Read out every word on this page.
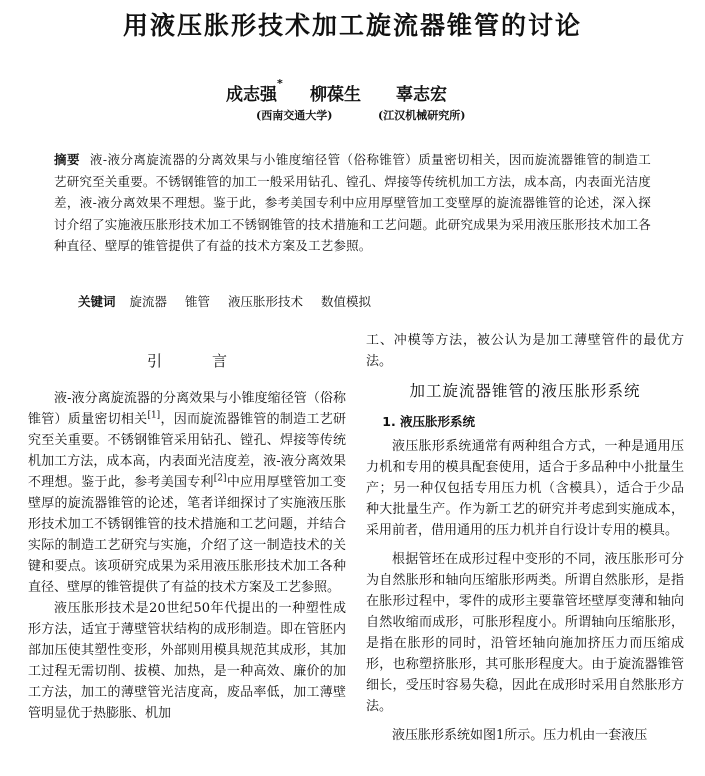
用液压胀形技术加工旋流器锥管的讨论
成志强*
柳葆生 辜志宏
(西南交通大学)	(江汉机械研究所)

摘要 液-液分离旋流器的分离效果与小锥度缩径管（俗称锥管）质量密切相关，因而旋流器锥管的制造工艺研究至关重要。不锈钢锥管的加工一般采用钻孔、镗孔、焊接等传统机加工方法，成本高，内表面光洁度差，液-液分离效果不理想。鉴于此，参考美国专利中应用厚壁管加工变壁厚的旋流器锥管的论述，深入探讨介绍了实施液压胀形技术加工不锈钢锥管的技术措施和工艺问题。此研究成果为采用液压胀形技术加工各种直径、壁厚的锥管提供了有益的技术方案及工艺参照。

关键词 旋流器 锥管 液压胀形技术 数值模拟
引言

液-液分离旋流器的分离效果与小锥度缩径管（俗称锥管）质量密切相关[1]，因而旋流器锥管的制造工艺研究至关重要。不锈钢锥管采用钻孔、镗孔、焊接等传统机加工方法，成本高，内表面光洁度差，液-液分离效果不理想。鉴于此，参考美国专利[2]中应用厚壁管加工变壁厚的旋流器锥管的论述，笔者详细探讨了实施液压胀形技术加工不锈钢锥管的技术措施和工艺问题，并结合实际的制造工艺研究与实施，介绍了这一制造技术的关键和要点。该项研究成果为采用液压胀形技术加工各种直径、壁厚的锥管提供了有益的技术方案及工艺参照。

液压胀形技术是20世纪50年代提出的一种塑性成形方法，适宜于薄壁管状结构的成形制造。即在管胚内部加压使其塑性变形，外部则用模具规范其成形，其加工过程无需切削、拔模、加热，是一种高效、廉价的加工方法，加工的薄壁管光洁度高，废品率低，加工薄壁管明显优于热膨胀、机加

工、冲模等方法，被公认为是加工薄壁管件的最优方法。

加工旋流器锥管的液压胀形系统
1. 液压胀形系统

液压胀形系统通常有两种组合方式，一种是通用压力机和专用的模具配套使用，适合于多品种中小批量生产；另一种仅包括专用压力机（含模具），适合于少品种大批量生产。作为新工艺的研究并考虑到实施成本，采用前者，借用通用的压力机并自行设计专用的模具。

根据管坯在成形过程中变形的不同，液压胀形可分为自然胀形和轴向压缩胀形两类。所谓自然胀形，是指在胀形过程中，零件的成形主要靠管坯壁厚变薄和轴向自然收缩而成形，可胀形程度小。所谓轴向压缩胀形，是指在胀形的同时，沿管坯轴向施加挤压力而压缩成形，也称塑挤胀形，其可胀形程度大。由于旋流器锥管细长，受压时容易失稳，因此在成形时采用自然胀形方法。

液压胀形系统如图1所示。压力机由一套液压
